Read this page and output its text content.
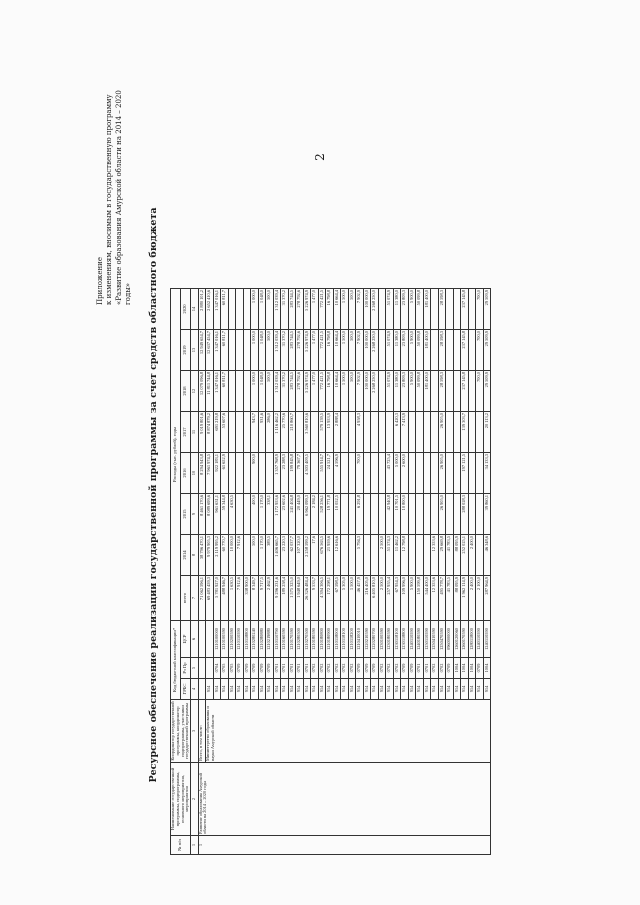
2
Приложение к изменениям, вносимым в государственную программу «Развитие образования Амурской области на 2014 – 2020 годы» Ресурсное обеспечение реализации государственной программы за счет средств областного бюджета
№ п/п	Наименование государственной программы, подпрограммы, основного мероприятия, мероприятия	Координатор государственной программы, координатор подпрограммы, участники государственной программы	Код бюджетной классификации*			Расходы (тыс. рублей), годы							
			ГРБС	Рз Пр	ЦСР	всего	2014	2015	2016	2017	2018	2019	2020
1	2	3	4	5	6	7	8	9	10	11	12	13	14
1	Развитие образования Амурской области на 2014 – 2020 годы	Всего, в том числе:				71 062 596,1	38 796 470,1	8 461 170,6	8 294 943,8	9 019 801,6	12 079 096,8	12 949 654,7	2 880 101,2
		Министерство образования и науки Амурской области	914			69 483 459,3	9 979 905,3	8 089 699,6	7 961 974,5	8 874 879,2	11 811 744,8	12 637 454,7	2 652 410,6
			914	0704	1210100000	5 781 927,0	2 119 995,2	961 631,1	922 183,1	691 219,8	1 347 016,1	1 347 016,1	1 347 016,1
			914	0705	1210100590	488 946,7	60 770,7	59 344,8	61 652,9	53 607,6	60 811,7	60 811,7	60 811,7
			914	0705	1210200590	1 630,5	10 000,0	4 630,5					
			914	0709	1210110590	7 912,6	7 912,6						
			914	0709	1210118800	338 900,0							
			914	0709	1210280240	8 349,7	500,0	400,0	900,0	943,7	1 000,0	1 000,0	1 000,0
			914	0709	1210280880	9 717,5	1 170,0	1 170,0		931,6	1 048,0	1 048,0	1 048,0
			914	0709	1210219880	2 462,9	389,5	338,1		286,0	500,0	500,0	500,0
			914	0701	1210110790	9 296 231,6	1 406 665,7	1 172 953,6	1 357 768,9	1 116 462,2	1 312 039,4	1 312 039,4	1 312 039,4
			914	0701	1210160590	189 258,4	23 220,3	23 602,6	23 288,3	25 770,6	31 370,2	31 370,2	31 370,2
			914	0701	1210170590	1 575 325,0	62 037,7	241 404,8	199 845,8	210 860,7	283 744,5	283 744,5	283 744,5
			914	0701	1210280500	1 948 649,0	107 320,0	20 449,0	79 367,7		278 792,6	278 792,6	278 792,6
			914	0701	1210270500	26 326 484,4	2 258 599,2	6 962 099,3	4 303 409,5	3 560 810,6	5 226 974,9	5 226 974,9	5 226 974,9
			914	0702	1210180590	9 533,7	17,6	2 184,2			1 477,0	1 477,0	1 477,0
			914	0702	1210180800	4 394 306,5	676 563,5	528 256,1	555 914,7	579 159,5	772 421,5	772 421,5	772 421,5
			914	0702	1210180900	172 298,1	21 959,6	19 771,8	24 521,7	13 953,9	16 798,8	16 798,8	16 798,8
			914	0702	1210118000	67 598,5	12 616,6	10 052,5	4 596,9	2 888,4	10 664,4	10 664,4	10 664,4
			914	0702	1210118100	5 305,0					1 500,0	1 500,0	1 500,0
			914	0702	1210118200	1 500,0					500,0	500,0	500,0
			914	0709	1210410010	46 457,9	5 794,3	6 291,8	700,0	4 958,3	7 902,9	7 902,9	7 902,9
			914	0709	1220210590	216 405,0					100 000,0	100 000,0	100 000,0
			914	0709	1220280700	6 405 810,0					2 268 250,0	2 268 250,0	2 268 250,0
			914	0702	1230100590	2 500,0	2 500,0						
			914	0702	1230180590	257 955,4	51 574,3	42 940,8	43 725,4		51 074,9	51 074,9	51 074,9
			914	0702	1230118100	67 954,3	11 462,2	10 701,5	5 000,0	6 420,3	11 380,0	11 380,0	11 380,0
			914	0709	1230118800	109 996,0	12 798,8	10 800,0	2 600,0	7 413,9	23 809,3	23 809,3	23 809,3
			914	0709	1240110590	5 900,0					5 900,0	5 900,0	5 900,0
			914	0701	1240180590	150 599,8					50 099,8	50 099,8	50 099,8
			914	0701	1250110590	544 400,0					181 400,0	181 400,0	181 400,0
			914	0702	1250410590	12 353,6	12 353,6						
			914	0702	1250470590	495 778,7	29 669,8	26 905,0	26 905,0	26 905,0	28 598,3	28 598,3	28 598,3
			914	0709	0960000000	41 783,5	41 783,5						
			914	1004	1260120060	88 095,9	88 095,9						
			914	1004	1260170590	1 962 114,9	252 025,1	288 028,3	197 121,5	139 303,7	237 145,8	237 145,8	237 145,8
			914	1004	1280118000	2 400,0	2 400,0						
			914	0709	1240110590	2 100,0					700,0	700,0	700,0
			914	1004	1240110590	287 964,9	46 348,6	39 860,1	34 133,3	20 113,2	29 509,9	29 509,9	29 509,9
